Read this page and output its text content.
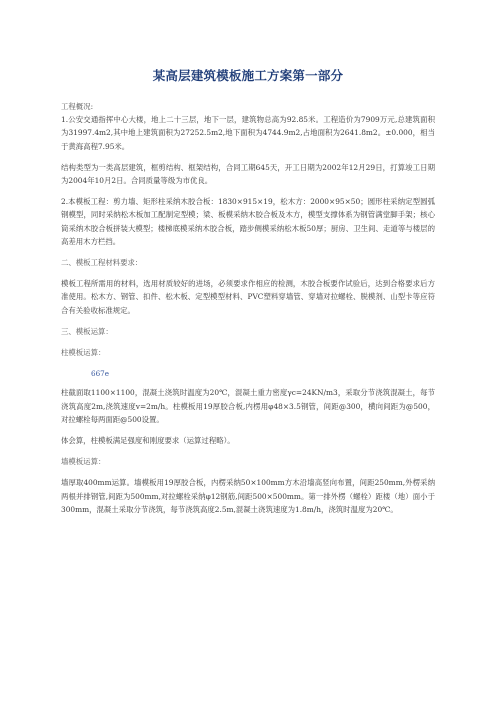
某高层建筑模板施工方案第一部分

工程概况:

1.公安交通指挥中心大楼，地上二十三层，地下一层，建筑物总高为92.85米。工程造价为7909万元,总建筑面积为31997.4m2,其中地上建筑面积为27252.5m2,地下面积为4744.9m2,占地面积为2641.8m2。±0.000，相当于黄海高程7.95米。

结构类型为一类高层建筑，框剪结构、框架结构，合同工期645天，开工日期为2002年12月29日，打算竣工日期为2004年10月2日。合同质量等级为市优良。

2.本模板工程：剪力墙、矩形柱采纳木胶合板：1830×915×19，松木方：2000×95×50；圆形柱采纳定型圆弧钢模型，同时采纳松木板加工配制定型模；梁、板模采纳木胶合板及木方，模型支撑体系为钢管满堂脚手架；核心筒采纳木胶合板拼装大模型；楼梯底模采纳木胶合板，踏步侧模采纳松木板50厚；厨房、卫生间、走道等与楼层的高差用木方栏挡。

二、模板工程材料要求：

模板工程所需用的材料，选用材质较好的进场，必须要求作相应的检测，木胶合板要作试验后，达到合格要求后方准使用。松木方、钢管、扣件、松木板、定型模型材料、PVC塑料穿墙管、穿墙对拉螺栓、脱模剂、山型卡等应符合有关验收标准规定。

三、模板运算：

柱模板运算：

667e

柱截面取1100×1100，混凝土浇筑时温度为20℃，混凝土重力密度γc=24KN/m3，采取分节浇筑混凝土，每节浇筑高度2m,浇筑速度v=2m/h。柱模板用19厚胶合板,内楞用φ48×3.5钢管，间距@300，横向间距为@500，对拉螺栓每两面距@500设置。

体会算，柱模板满足强度和刚度要求（运算过程略）。

墙模板运算：

墙厚取400mm运算。墙模板用19厚胶合板，内楞采纳50×100mm方木沿墙高竖向布置，间距250mm,外楞采纳两根并排钢管,间距为500mm,对拉螺栓采纳φ12钢筋,间距500×500mm。第一排外楞（螺栓）距楼（地）面小于300mm，混凝土采取分节浇筑，每节浇筑高度2.5m,混凝土浇筑速度为1.8m/h，浇筑时温度为20℃。
